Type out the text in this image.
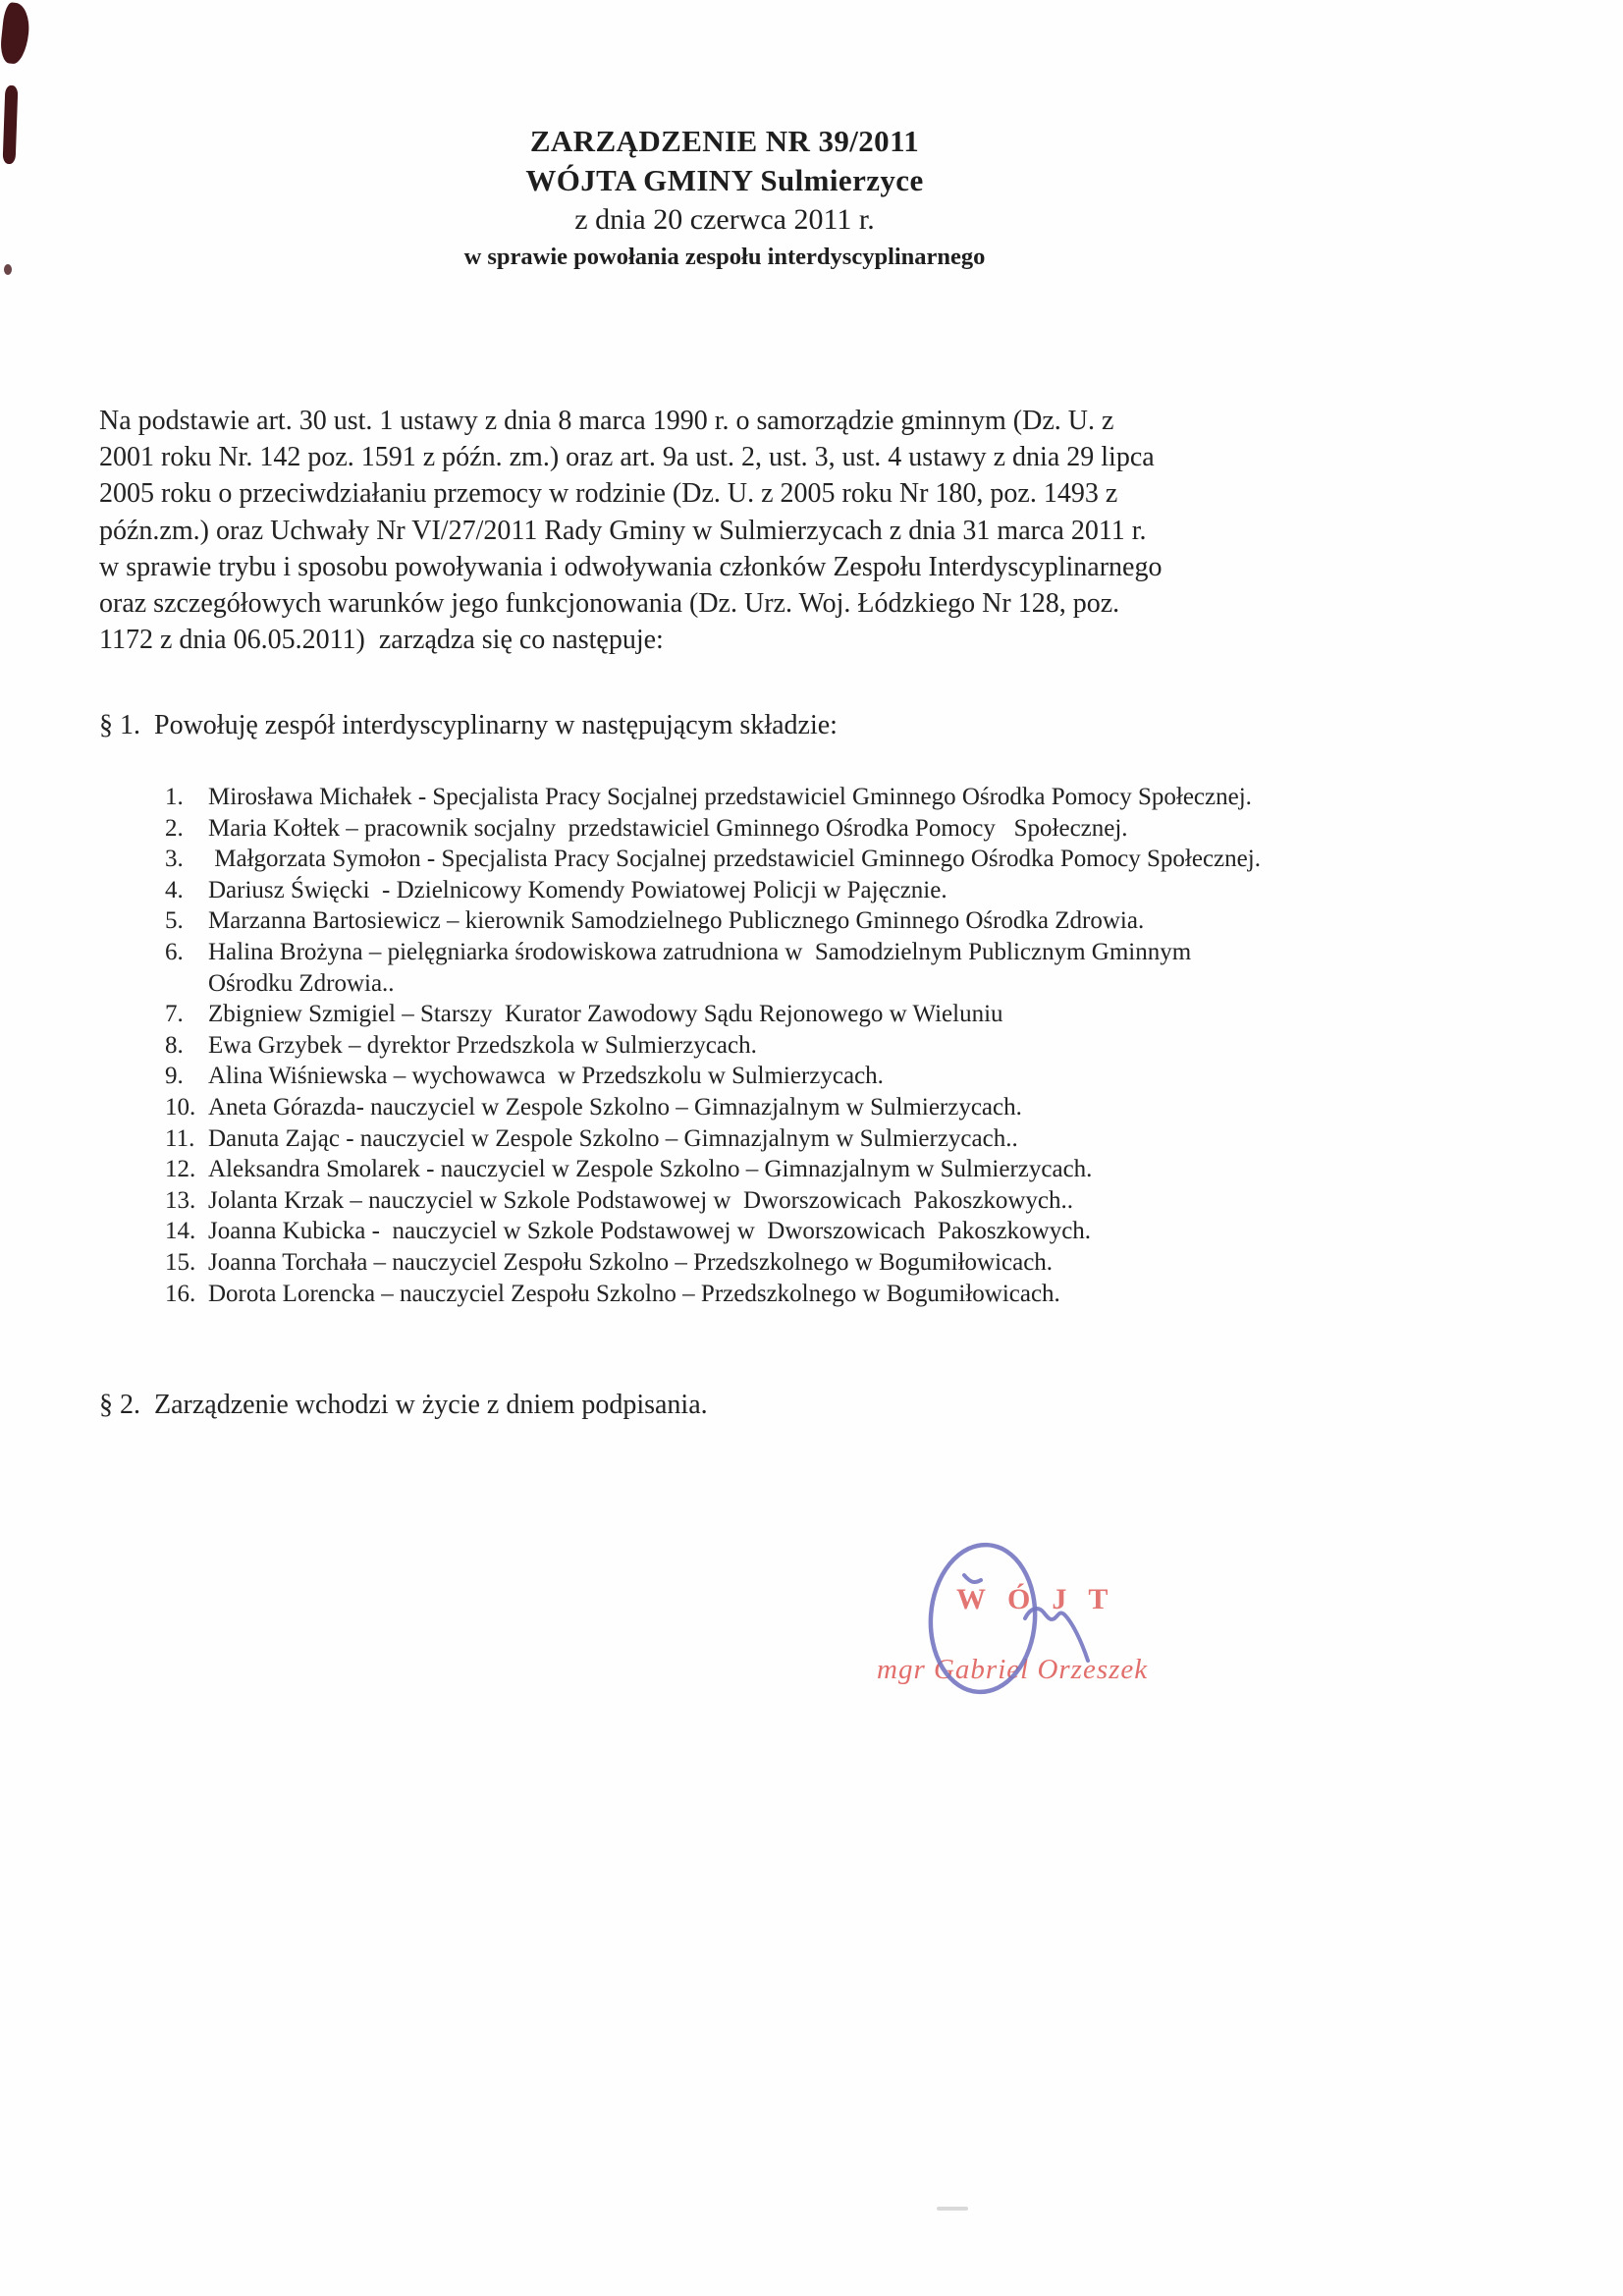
ZARZĄDZENIE NR 39/2011
WÓJTA GMINY Sulmierzyce
z dnia 20 czerwca 2011 r.
w sprawie powołania zespołu interdyscyplinarnego
Na podstawie art. 30 ust. 1 ustawy z dnia 8 marca 1990 r. o samorządzie gminnym (Dz. U. z
2001 roku Nr. 142 poz. 1591 z późn. zm.) oraz art. 9a ust. 2, ust. 3, ust. 4 ustawy z dnia 29 lipca
2005 roku o przeciwdziałaniu przemocy w rodzinie (Dz. U. z 2005 roku Nr 180, poz. 1493 z
późn.zm.) oraz Uchwały Nr VI/27/2011 Rady Gminy w Sulmierzycach z dnia 31 marca 2011 r.
w sprawie trybu i sposobu powoływania i odwoływania członków Zespołu Interdyscyplinarnego
oraz szczegółowych warunków jego funkcjonowania (Dz. Urz. Woj. Łódzkiego Nr 128, poz.
1172 z dnia 06.05.2011)  zarządza się co następuje:
§ 1.  Powołuję zespół interdyscyplinarny w następującym składzie:
1.	Mirosława Michałek - Specjalista Pracy Socjalnej przedstawiciel Gminnego Ośrodka Pomocy Społecznej.
2.	Maria Kołtek – pracownik socjalny  przedstawiciel Gminnego Ośrodka Pomocy   Społecznej.
3.	Małgorzata Symołon - Specjalista Pracy Socjalnej przedstawiciel Gminnego Ośrodka Pomocy Społecznej.
4.	Dariusz Święcki  - Dzielnicowy Komendy Powiatowej Policji w Pajęcznie.
5.	Marzanna Bartosiewicz – kierownik Samodzielnego Publicznego Gminnego Ośrodka Zdrowia.
6.	Halina Brożyna – pielęgniarka środowiskowa zatrudniona w  Samodzielnym Publicznym Gminnym
Ośrodku Zdrowia..
7.	Zbigniew Szmigiel – Starszy  Kurator Zawodowy Sądu Rejonowego w Wieluniu
8.	Ewa Grzybek – dyrektor Przedszkola w Sulmierzycach.
9.	Alina Wiśniewska – wychowawca  w Przedszkolu w Sulmierzycach.
10. Aneta Górazda- nauczyciel w Zespole Szkolno – Gimnazjalnym w Sulmierzycach.
11. Danuta Zając - nauczyciel w Zespole Szkolno – Gimnazjalnym w Sulmierzycach..
12. Aleksandra Smolarek - nauczyciel w Zespole Szkolno – Gimnazjalnym w Sulmierzycach.
13. Jolanta Krzak – nauczyciel w Szkole Podstawowej w  Dworszowicach  Pakoszkowych..
14. Joanna Kubicka -  nauczyciel w Szkole Podstawowej w  Dworszowicach  Pakoszkowych.
15. Joanna Torchała – nauczyciel Zespołu Szkolno – Przedszkolnego w Bogumiłowicach.
16. Dorota Lorencka – nauczyciel Zespołu Szkolno – Przedszkolnego w Bogumiłowicach.
§ 2.  Zarządzenie wchodzi w życie z dniem podpisania.
WÓJT
mgr Gabriel Orzeszek
